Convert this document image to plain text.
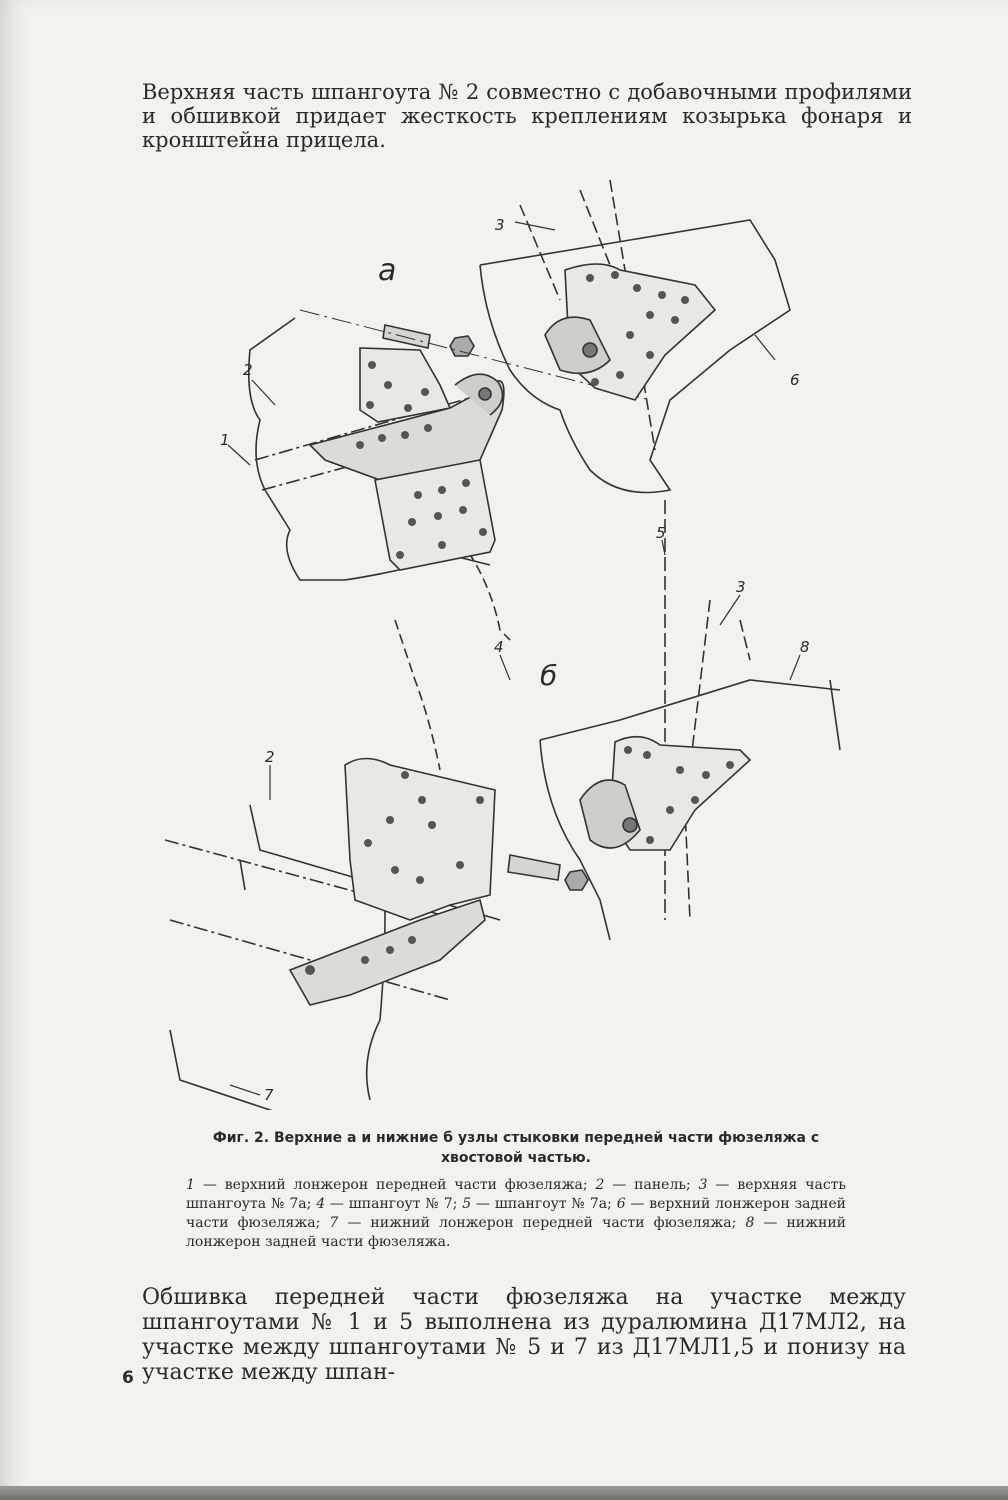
Верхняя часть шпангоута № 2 совместно с добавочными профилями и обшивкой придает жесткость креплениям козырька фонаря и кронштейна прицела.

а
б
1
2
3
6
5
3
8
4
2
7

Фиг. 2. Верхние а и нижние б узлы стыковки передней части фюзеляжа с хвостовой частью.

1 — верхний лонжерон передней части фюзеляжа; 2 — панель; 3 — верхняя часть шпангоута № 7а; 4 — шпангоут № 7; 5 — шпангоут № 7а; 6 — верхний лонжерон задней части фюзеляжа; 7 — нижний лонжерон передней части фюзеляжа; 8 — нижний лонжерон задней части фюзеляжа.

Обшивка передней части фюзеляжа на участке между шпангоутами № 1 и 5 выполнена из дуралюмина Д17МЛ2, на участке между шпангоутами № 5 и 7 из Д17МЛ1,5 и понизу на участке между шпан-

6
